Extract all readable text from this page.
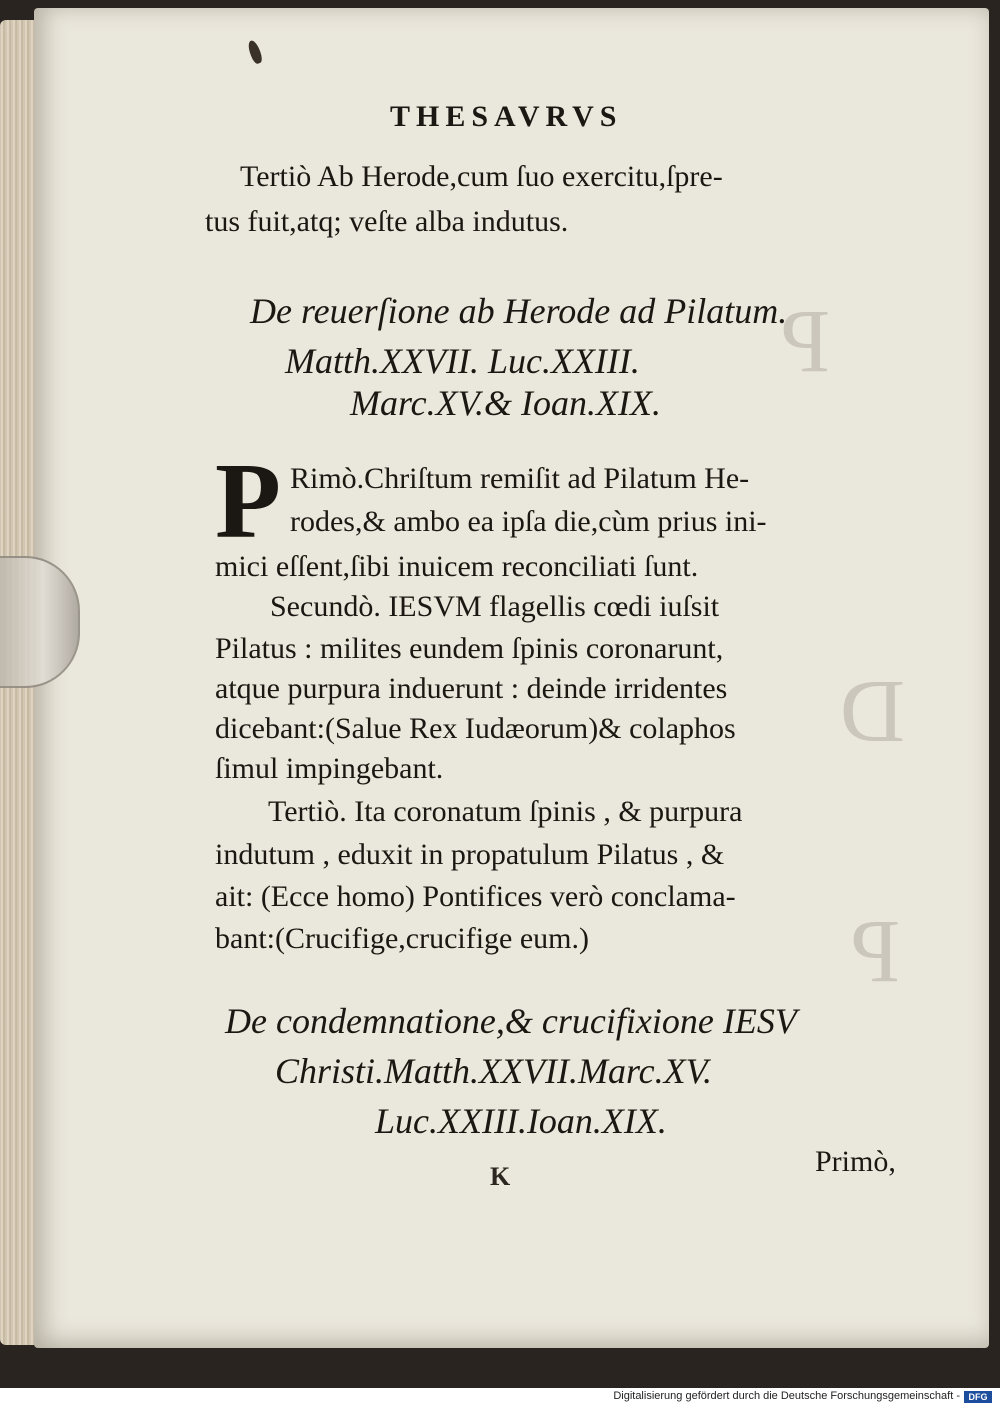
P
D
P
THESAVRVS
Tertiò Ab Herode,cum ſuo exercitu,ſpre-
tus fuit,atq; veſte alba indutus.
De reuerſione ab Herode ad Pilatum.
Matth.XXVII. Luc.XXIII.
Marc.XV.& Ioan.XIX.
P Rimò.Chriſtum remiſit ad Pilatum He-
rodes,& ambo ea ipſa die,cùm prius ini-
mici eſſent,ſibi inuicem reconciliati ſunt.
Secundò. IESVM flagellis cœdi iuſsit
Pilatus : milites eundem ſpinis coronarunt,
atque purpura induerunt : deinde irridentes
dicebant:(Salue Rex Iudæorum)& colaphos
ſimul impingebant.
Tertiò. Ita coronatum ſpinis , & purpura
indutum , eduxit in propatulum Pilatus , &
ait: (Ecce homo) Pontifices verò conclama-
bant:(Crucifige,crucifige eum.)
De condemnatione,& crucifixione IESV
Christi.Matth.XXVII.Marc.XV.
Luc.XXIII.Ioan.XIX.
K	Primò,
Digitalisierung gefördert durch die Deutsche Forschungsgemeinschaft - DFG
